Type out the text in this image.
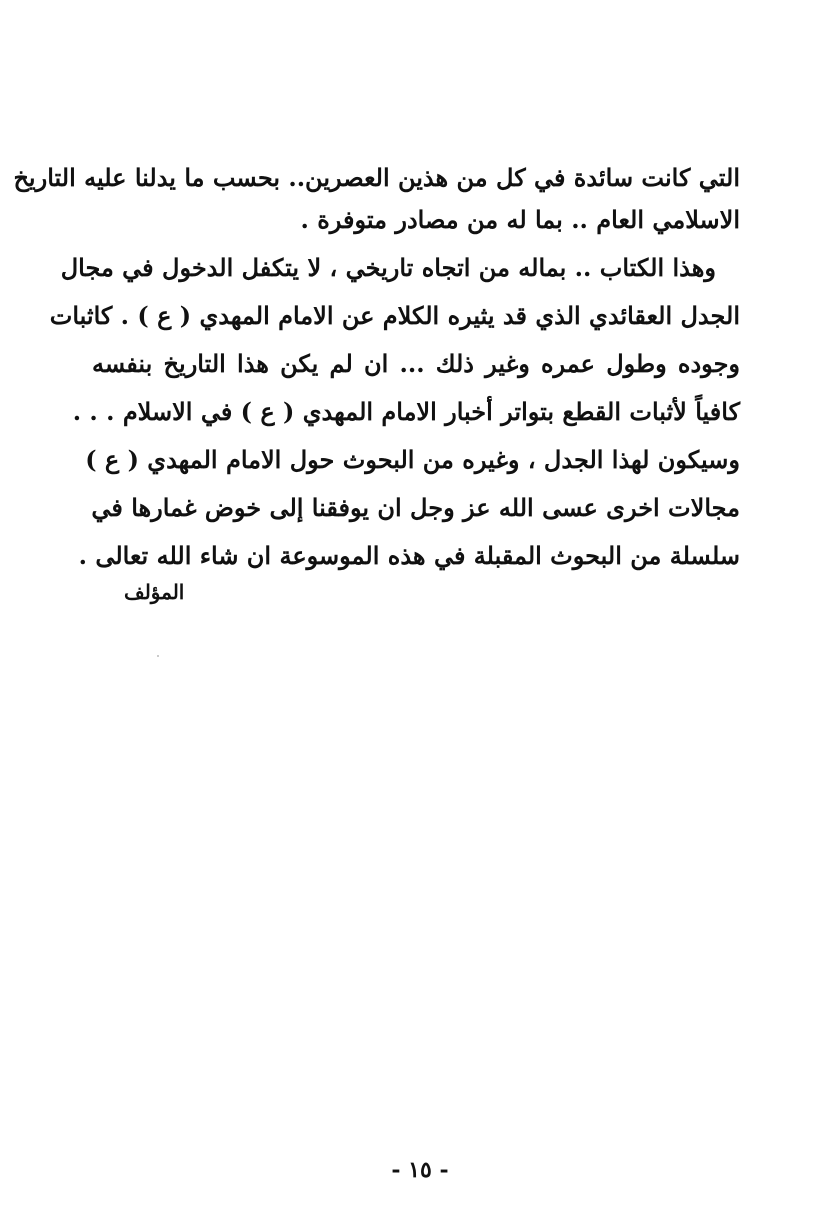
التي كانت سائدة في كل من هذين العصرين.. بحسب ما يدلنا عليه التاريخ
الاسلامي العام .. بما له من مصادر متوفرة .
وهذا الكتاب .. بماله من اتجاه تاريخي ، لا يتكفل الدخول في مجال
الجدل العقائدي الذي قد يثيره الكلام عن الامام المهدي ( ع ) . كاثبات
وجوده وطول عمره وغير ذلك ... ان لم يكن هذا التاريخ بنفسه
كافياً لأثبات القطع بتواتر أخبار الامام المهدي ( ع ) في الاسلام . . .
وسيكون لهذا الجدل ، وغيره من البحوث حول الامام المهدي ( ع )
مجالات اخرى عسى الله عز وجل ان يوفقنا إلى خوض غمارها في
سلسلة من البحوث المقبلة في هذه الموسوعة ان شاء الله تعالى .
المؤلف
- ١٥ -
